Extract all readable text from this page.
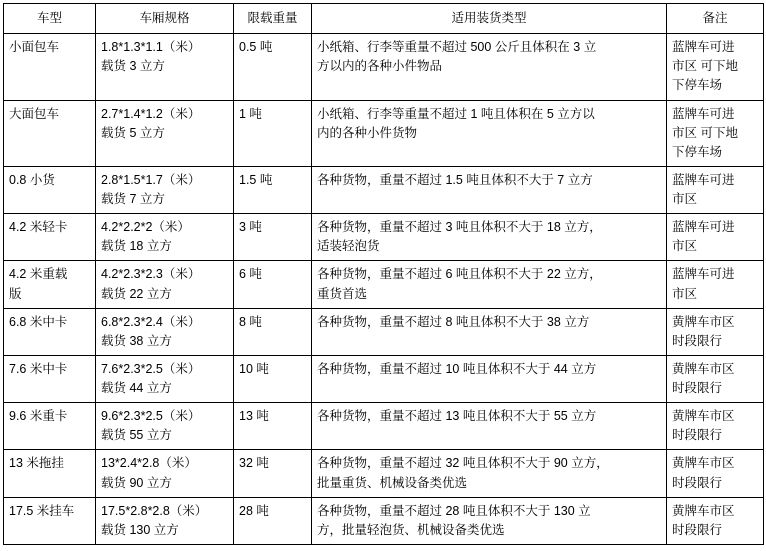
车型	车厢规格	限载重量	适用装货类型	备注

小面包车	1.8*1.3*1.1（米）
载货 3 立方	0.5 吨	小纸箱、行李等重量不超过 500 公斤且体积在 3 立
方以内的各种小件物品	蓝牌车可进
市区 可下地
下停车场

大面包车	2.7*1.4*1.2（米）
载货 5 立方	1 吨	小纸箱、行李等重量不超过 1 吨且体积在 5 立方以
内的各种小件货物	蓝牌车可进
市区 可下地
下停车场

0.8 小货	2.8*1.5*1.7（米）
载货 7 立方	1.5 吨	各种货物，重量不超过 1.5 吨且体积不大于 7 立方	蓝牌车可进
市区

4.2 米轻卡	4.2*2.2*2（米）
载货 18 立方	3 吨	各种货物，重量不超过 3 吨且体积不大于 18 立方，
适装轻泡货	蓝牌车可进
市区

4.2 米重载
版	4.2*2.3*2.3（米）
载货 22 立方	6 吨	各种货物，重量不超过 6 吨且体积不大于 22 立方，
重货首选	蓝牌车可进
市区

6.8 米中卡	6.8*2.3*2.4（米）
载货 38 立方	8 吨	各种货物，重量不超过 8 吨且体积不大于 38 立方	黄牌车市区
时段限行

7.6 米中卡	7.6*2.3*2.5（米）
载货 44 立方	10 吨	各种货物，重量不超过 10 吨且体积不大于 44 立方	黄牌车市区
时段限行

9.6 米重卡	9.6*2.3*2.5（米）
载货 55 立方	13 吨	各种货物，重量不超过 13 吨且体积不大于 55 立方	黄牌车市区
时段限行

13 米拖挂	13*2.4*2.8（米）
载货 90 立方	32 吨	各种货物，重量不超过 32 吨且体积不大于 90 立方，
批量重货、机械设备类优选	黄牌车市区
时段限行

17.5 米挂车	17.5*2.8*2.8（米）
载货 130 立方	28 吨	各种货物，重量不超过 28 吨且体积不大于 130 立
方，批量轻泡货、机械设备类优选	黄牌车市区
时段限行
